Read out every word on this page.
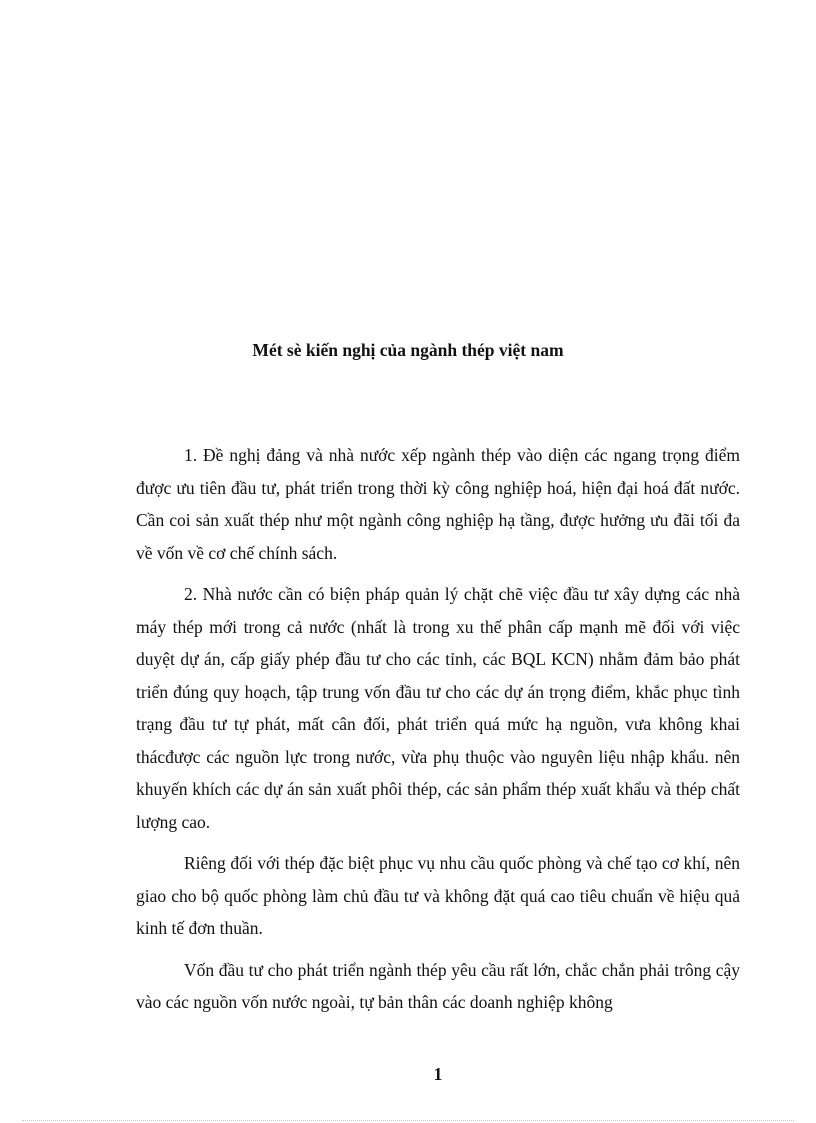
Mét sè kiến nghị của ngành thép việt nam

1. Đề nghị đảng và nhà nước xếp ngành thép vào diện các ngang trọng điểm được ưu tiên đầu tư, phát triển trong thời kỳ công nghiệp hoá, hiện đại hoá đất nước. Cần coi sản xuất thép như một ngành công nghiệp hạ tầng, được hưởng ưu đãi tối đa về vốn về cơ chế chính sách.

2. Nhà nước cần có biện pháp quản lý chặt chẽ việc đầu tư xây dựng các nhà máy thép mới trong cả nước (nhất là trong xu thế phân cấp mạnh mẽ đối với việc duyệt dự án, cấp giấy phép đầu tư cho các tỉnh, các BQL KCN) nhằm đảm bảo phát triển đúng quy hoạch, tập trung vốn đầu tư cho các dự án trọng điểm, khắc phục tình trạng đầu tư tự phát, mất cân đối, phát triển quá mức hạ nguồn, vưa không khai thácđược các nguồn lực trong nước, vừa phụ thuộc vào nguyên liệu nhập khẩu. nên khuyến khích các dự án sản xuất phôi thép, các sản phẩm thép xuất khẩu và thép chất lượng cao.

Riêng đối với thép đặc biệt phục vụ nhu cầu quốc phòng và chế tạo cơ khí, nên giao cho bộ quốc phòng làm chủ đầu tư và không đặt quá cao tiêu chuẩn về hiệu quả kinh tế đơn thuần.

Vốn đầu tư cho phát triển ngành thép yêu cầu rất lớn, chắc chắn phải trông cậy vào các nguồn vốn nước ngoài, tự bản thân các doanh nghiệp không

1
